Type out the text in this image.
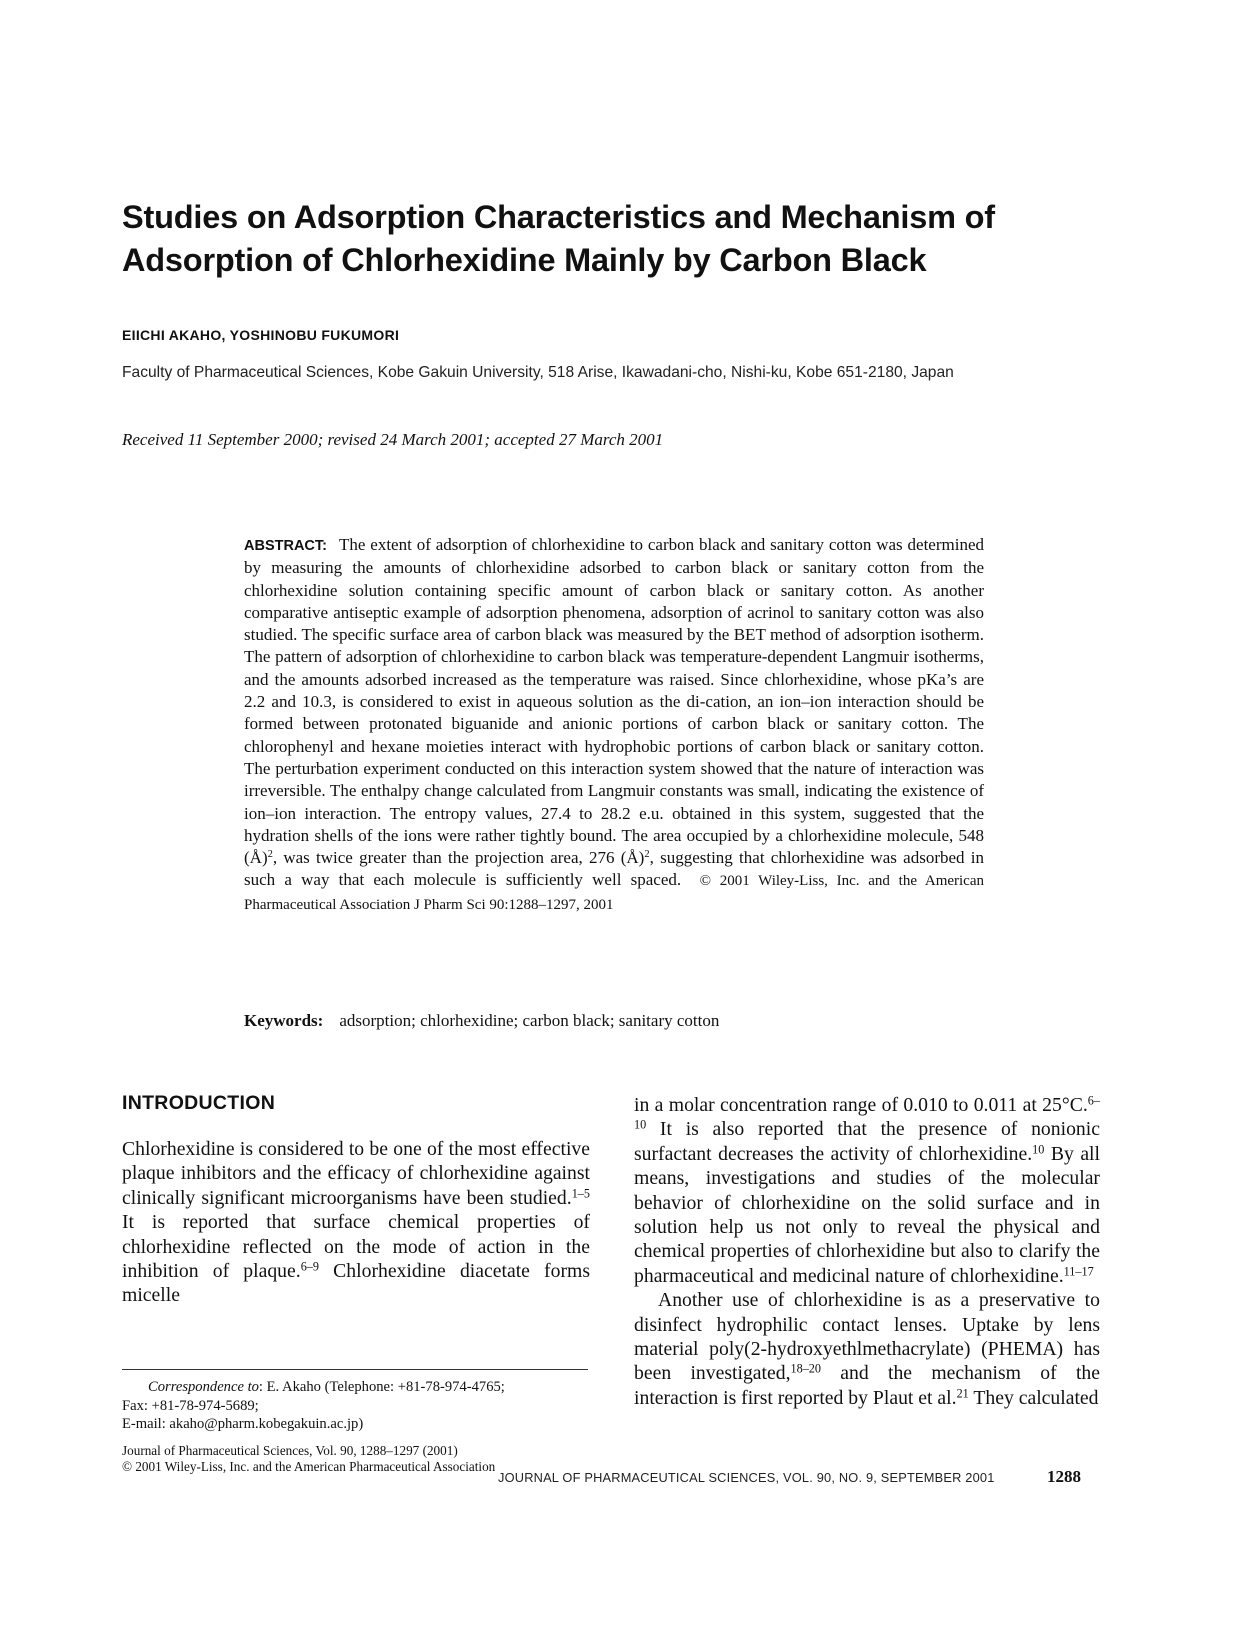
Studies on Adsorption Characteristics and Mechanism of
Adsorption of Chlorhexidine Mainly by Carbon Black
EIICHI AKAHO, YOSHINOBU FUKUMORI
Faculty of Pharmaceutical Sciences, Kobe Gakuin University, 518 Arise, Ikawadani-cho, Nishi-ku, Kobe 651-2180, Japan
Received 11 September 2000; revised 24 March 2001; accepted 27 March 2001
ABSTRACT: The extent of adsorption of chlorhexidine to carbon black and sanitary cotton was determined by measuring the amounts of chlorhexidine adsorbed to carbon black or sanitary cotton from the chlorhexidine solution containing specific amount of carbon black or sanitary cotton. As another comparative antiseptic example of adsorption phenomena, adsorption of acrinol to sanitary cotton was also studied. The specific surface area of carbon black was measured by the BET method of adsorption isotherm. The pattern of adsorption of chlorhexidine to carbon black was temperature-dependent Langmuir isotherms, and the amounts adsorbed increased as the temperature was raised. Since chlorhexidine, whose pKa’s are 2.2 and 10.3, is considered to exist in aqueous solution as the di-cation, an ion–ion interaction should be formed between protonated biguanide and anionic portions of carbon black or sanitary cotton. The chlorophenyl and hexane moieties interact with hydrophobic portions of carbon black or sanitary cotton. The perturbation experiment conducted on this interaction system showed that the nature of interaction was irreversible. The enthalpy change calculated from Langmuir constants was small, indicating the existence of ion–ion interaction. The entropy values, 27.4 to 28.2 e.u. obtained in this system, suggested that the hydration shells of the ions were rather tightly bound. The area occupied by a chlorhexidine molecule, 548 (Å)$^2$, was twice greater than the projection area, 276 (Å)$^2$, suggesting that chlorhexidine was adsorbed in such a way that each molecule is sufficiently well spaced. © 2001 Wiley-Liss, Inc. and the American Pharmaceutical Association J Pharm Sci 90:1288–1297, 2001
Keywords: adsorption; chlorhexidine; carbon black; sanitary cotton
INTRODUCTION

Chlorhexidine is considered to be one of the most effective plaque inhibitors and the efficacy of chlorhexidine against clinically significant microorganisms have been studied.$^{1-5}$ It is reported that surface chemical properties of chlorhexidine reflected on the mode of action in the inhibition of plaque.$^{6-9}$ Chlorhexidine diacetate forms micelle

in a molar concentration range of 0.010 to 0.011 at 25°C.$^{6-10}$ It is also reported that the presence of nonionic surfactant decreases the activity of chlorhexidine.$^{10}$ By all means, investigations and studies of the molecular behavior of chlorhexidine on the solid surface and in solution help us not only to reveal the physical and chemical properties of chlorhexidine but also to clarify the pharmaceutical and medicinal nature of chlorhexidine.$^{11-17}$

Another use of chlorhexidine is as a preservative to disinfect hydrophilic contact lenses. Uptake by lens material poly(2-hydroxyethlmethacrylate) (PHEMA) has been investigated,$^{18-20}$ and the mechanism of the interaction is first reported by Plaut et al.$^{21}$ They calculated

Correspondence to: E. Akaho (Telephone: +81-78-974-4765;
Fax: +81-78-974-5689;
E-mail: akaho@pharm.kobegakuin.ac.jp)
Journal of Pharmaceutical Sciences, Vol. 90, 1288–1297 (2001)
© 2001 Wiley-Liss, Inc. and the American Pharmaceutical Association
JOURNAL OF PHARMACEUTICAL SCIENCES, VOL. 90, NO. 9, SEPTEMBER 2001	1288
